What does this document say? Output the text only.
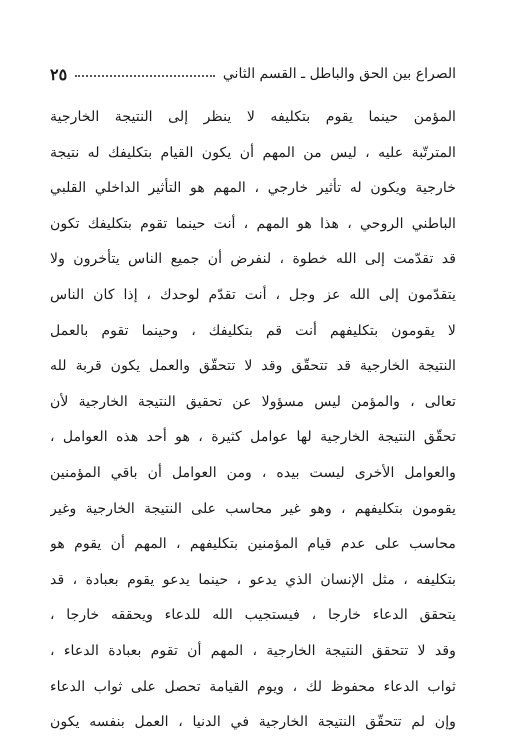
الصراع بين الحق والباطل ـ القسم الثاني
٢٥
المؤمن حينما يقوم بتكليفه لا ينظر إلى النتيجة الخارجية
المترتّبة عليه ، ليس من المهم أن يكون القيام بتكليفك له نتيجة
خارجية ويكون له تأثير خارجي ، المهم هو التأثير الداخلي القلبي
الباطني الروحي ، هذا هو المهم ، أنت حينما تقوم بتكليفك تكون
قد تقدّمت إلى الله خطوة ، لنفرض أن جميع الناس يتأخرون ولا
يتقدّمون إلى الله عز وجل ، أنت تقدّم لوحدك ، إذا كان الناس
لا يقومون بتكليفهم أنت قم بتكليفك ، وحينما تقوم بالعمل
النتيجة الخارجية قد تتحقّق وقد لا تتحقّق والعمل يكون قربة لله
تعالى ، والمؤمن ليس مسؤولا عن تحقيق النتيجة الخارجية لأن
تحقّق النتيجة الخارجية لها عوامل كثيرة ، هو أحد هذه العوامل ،
والعوامل الأخرى ليست بيده ، ومن العوامل أن باقي المؤمنين
يقومون بتكليفهم ، وهو غير محاسب على النتيجة الخارجية وغير
محاسب على عدم قيام المؤمنين بتكليفهم ، المهم أن يقوم هو
بتكليفه ، مثل الإنسان الذي يدعو ، حينما يدعو يقوم بعبادة ، قد
يتحقق الدعاء خارجا ، فيستجيب الله للدعاء ويحققه خارجا ،
وقد لا تتحقق النتيجة الخارجية ، المهم أن تقوم بعبادة الدعاء ،
ثواب الدعاء محفوظ لك ، ويوم القيامة تحصل على ثواب الدعاء
وإن لم تتحقّق النتيجة الخارجية في الدنيا ، العمل بنفسه يكون
